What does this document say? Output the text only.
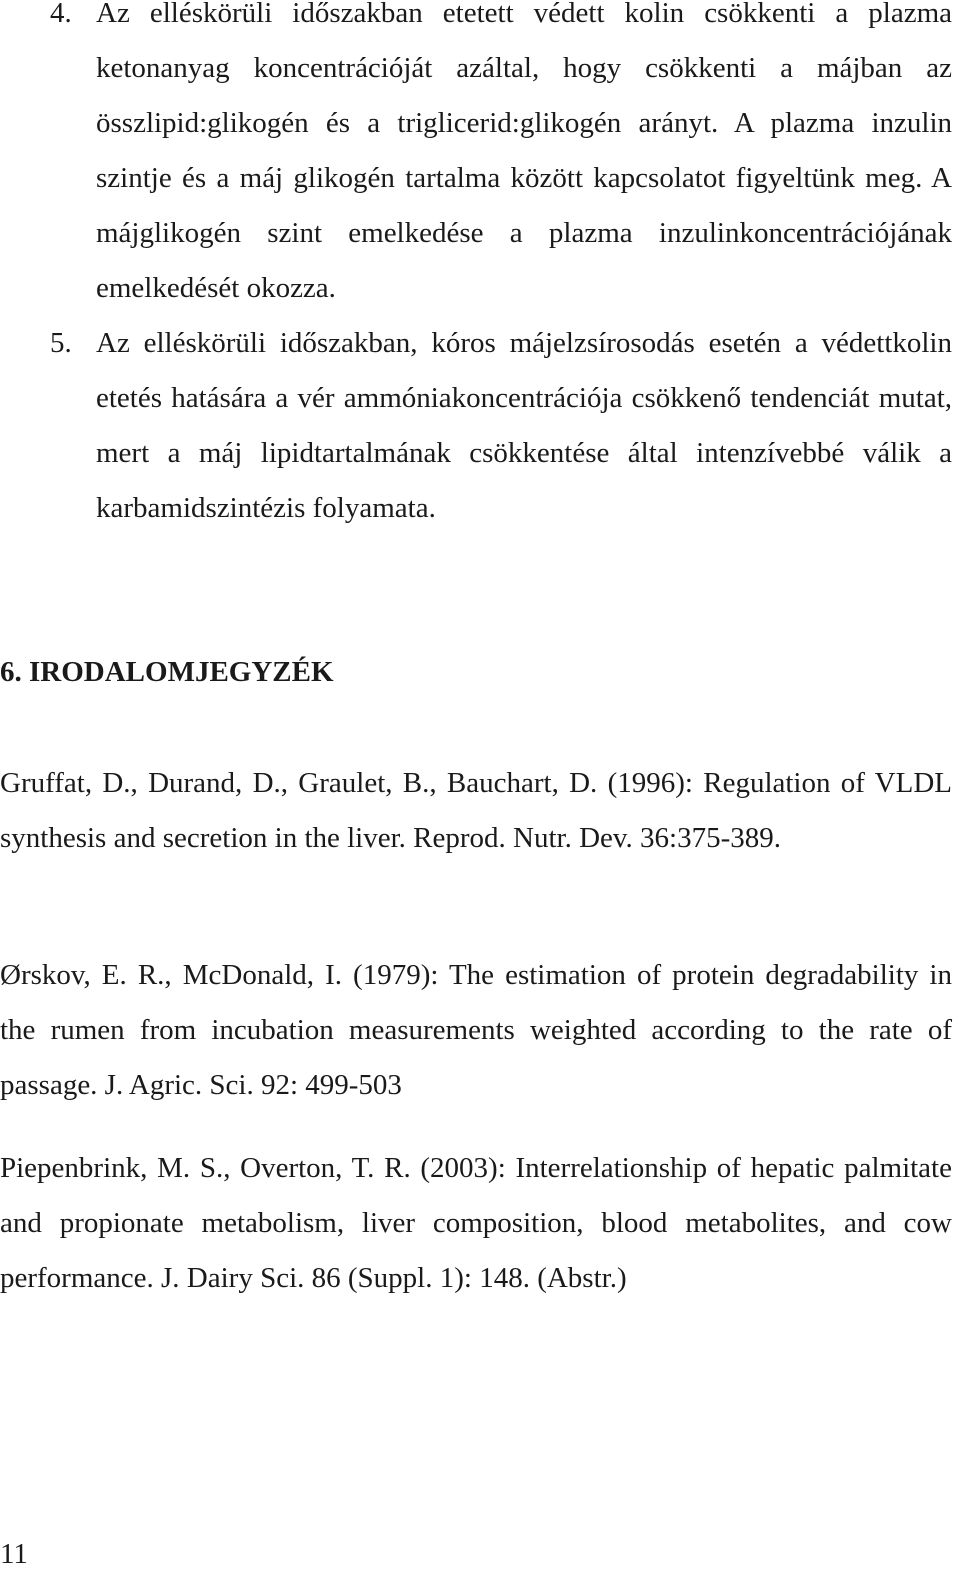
4. Az elléskörüli időszakban etetett védett kolin csökkenti a plazma ketonanyag koncentrációját azáltal, hogy csökkenti a májban az összlipid:glikogén és a triglicerid:glikogén arányt. A plazma inzulin szintje és a máj glikogén tartalma között kapcsolatot figyeltünk meg. A májglikogén szint emelkedése a plazma inzulinkoncentrációjának emelkedését okozza.
5. Az elléskörüli időszakban, kóros májelzsírosodás esetén a védettkolin etetés hatására a vér ammóniakoncentrációja csökkenő tendenciát mutat, mert a máj lipidtartalmának csökkentése által intenzívebbé válik a karbamidszintézis folyamata.
6. IRODALOMJEGYZÉK
Gruffat, D., Durand, D., Graulet, B., Bauchart, D. (1996): Regulation of VLDL synthesis and secretion in the liver. Reprod. Nutr. Dev. 36:375-389.
Ørskov, E. R., McDonald, I. (1979): The estimation of protein degradability in the rumen from incubation measurements weighted according to the rate of passage. J. Agric. Sci. 92: 499-503
Piepenbrink, M. S., Overton, T. R. (2003): Interrelationship of hepatic palmitate and propionate metabolism, liver composition, blood metabolites, and cow performance. J. Dairy Sci. 86 (Suppl. 1): 148. (Abstr.)
11
